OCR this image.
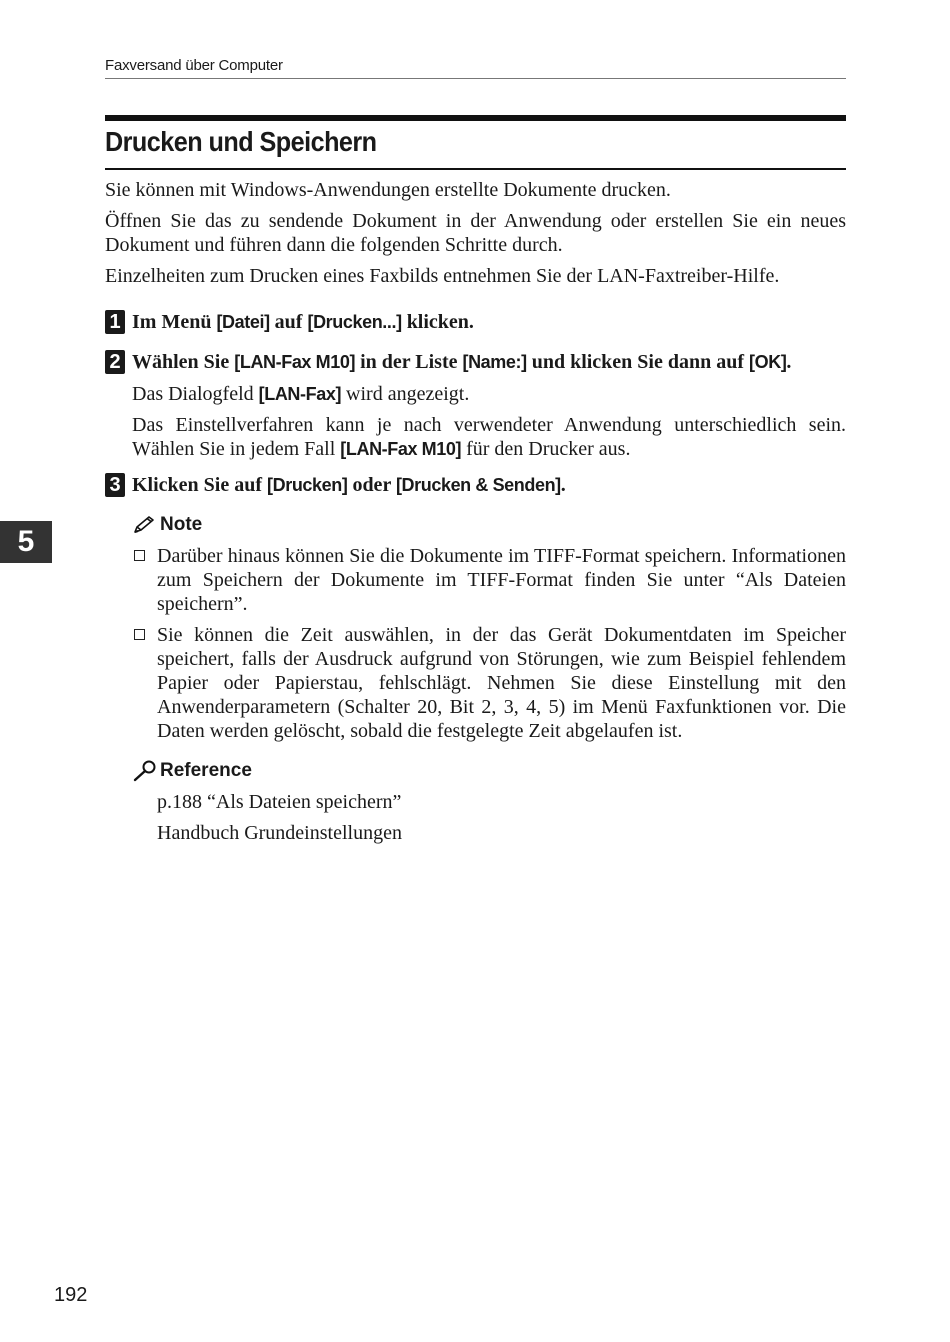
Faxversand über Computer
Drucken und Speichern

Sie können mit Windows-Anwendungen erstellte Dokumente drucken.

Öffnen Sie das zu sendende Dokument in der Anwendung oder erstellen Sie ein neues Dokument und führen dann die folgenden Schritte durch.

Einzelheiten zum Drucken eines Faxbilds entnehmen Sie der LAN-Faxtreiber-Hilfe.

1 Im Menü [Datei] auf [Drucken...] klicken.
2 Wählen Sie [LAN-Fax M10] in der Liste [Name:] und klicken Sie dann auf [OK].

Das Dialogfeld [LAN-Fax] wird angezeigt.

Das Einstellverfahren kann je nach verwendeter Anwendung unterschiedlich sein. Wählen Sie in jedem Fall [LAN-Fax M10] für den Drucker aus.

3 Klicken Sie auf [Drucken] oder [Drucken & Senden].
Note
Darüber hinaus können Sie die Dokumente im TIFF-Format speichern. Informationen zum Speichern der Dokumente im TIFF-Format finden Sie unter “Als Dateien speichern”.
Sie können die Zeit auswählen, in der das Gerät Dokumentdaten im Speicher speichert, falls der Ausdruck aufgrund von Störungen, wie zum Beispiel fehlendem Papier oder Papierstau, fehlschlägt. Nehmen Sie diese Einstellung mit den Anwenderparametern (Schalter 20, Bit 2, 3, 4, 5) im Menü Faxfunktionen vor. Die Daten werden gelöscht, sobald die festgelegte Zeit abgelaufen ist.
Reference
p.188 “Als Dateien speichern”
Handbuch Grundeinstellungen
5
192
